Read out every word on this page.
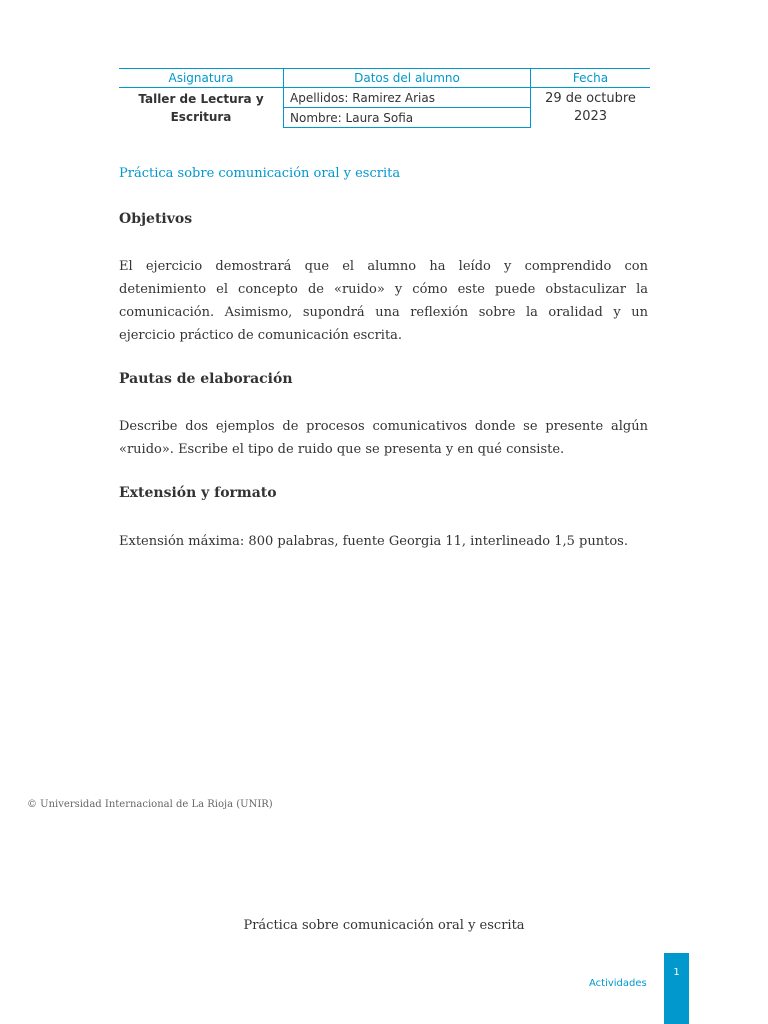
Asignatura	Datos del alumno	Fecha
Taller de Lectura y Escritura	Apellidos: Ramirez Arias	29 de octubre 2023
	Nombre: Laura Sofia	
Práctica sobre comunicación oral y escrita
Objetivos
El ejercicio demostrará que el alumno ha leído y comprendido con detenimiento el concepto de «ruido» y cómo este puede obstaculizar la comunicación. Asimismo, supondrá una reflexión sobre la oralidad y un ejercicio práctico de comunicación escrita.
Pautas de elaboración
Describe dos ejemplos de procesos comunicativos donde se presente algún «ruido». Escribe el tipo de ruido que se presenta y en qué consiste.
Extensión y formato
Extensión máxima: 800 palabras, fuente Georgia 11, interlineado 1,5 puntos.
© Universidad Internacional de La Rioja (UNIR)
Práctica sobre comunicación oral y escrita
Actividades
1
